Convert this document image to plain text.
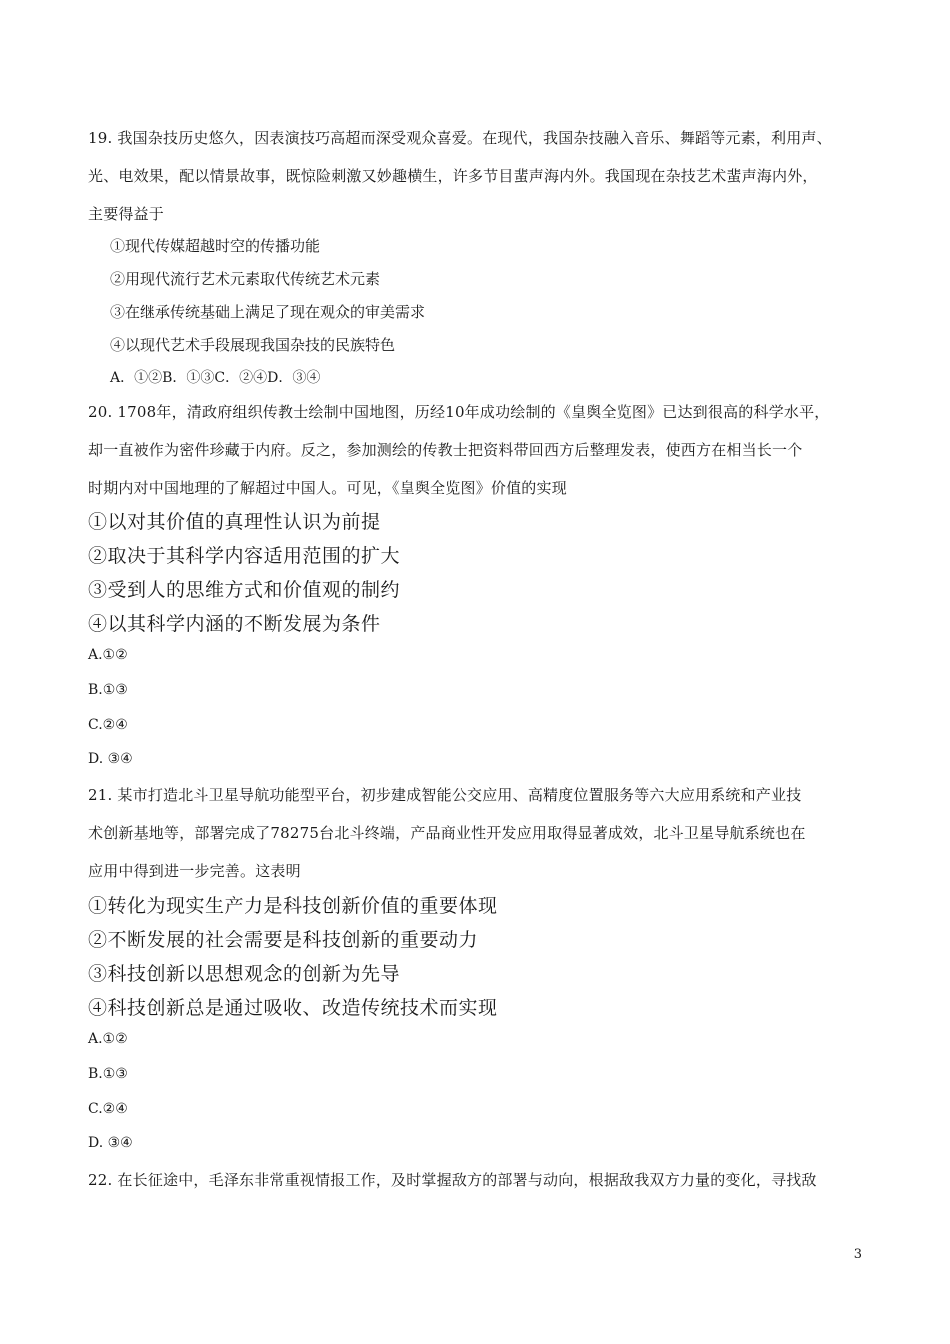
19. 我国杂技历史悠久，因表演技巧高超而深受观众喜爱。在现代，我国杂技融入音乐、舞蹈等元素，利用声、
光、电效果，配以情景故事，既惊险刺激又妙趣横生，许多节目蜚声海内外。我国现在杂技艺术蜚声海内外，
主要得益于
①现代传媒超越时空的传播功能
②用现代流行艺术元素取代传统艺术元素
③在继承传统基础上满足了现在观众的审美需求
④以现代艺术手段展现我国杂技的民族特色
A．①②B．①③C．②④D．③④
20. 1708年，清政府组织传教士绘制中国地图，历经10年成功绘制的《皇舆全览图》已达到很高的科学水平，
却一直被作为密件珍藏于内府。反之，参加测绘的传教士把资料带回西方后整理发表，使西方在相当长一个
时期内对中国地理的了解超过中国人。可见，《皇舆全览图》价值的实现
①以对其价值的真理性认识为前提
②取决于其科学内容适用范围的扩大
③受到人的思维方式和价值观的制约
④以其科学内涵的不断发展为条件
A.①②
B.①③
C.②④
D. ③④
21. 某市打造北斗卫星导航功能型平台，初步建成智能公交应用、高精度位置服务等六大应用系统和产业技
术创新基地等，部署完成了78275台北斗终端，产品商业性开发应用取得显著成效，北斗卫星导航系统也在
应用中得到进一步完善。这表明
①转化为现实生产力是科技创新价值的重要体现
②不断发展的社会需要是科技创新的重要动力
③科技创新以思想观念的创新为先导
④科技创新总是通过吸收、改造传统技术而实现
A.①②
B.①③
C.②④
D. ③④
22. 在长征途中，毛泽东非常重视情报工作，及时掌握敌方的部署与动向，根据敌我双方力量的变化，寻找敌
3
